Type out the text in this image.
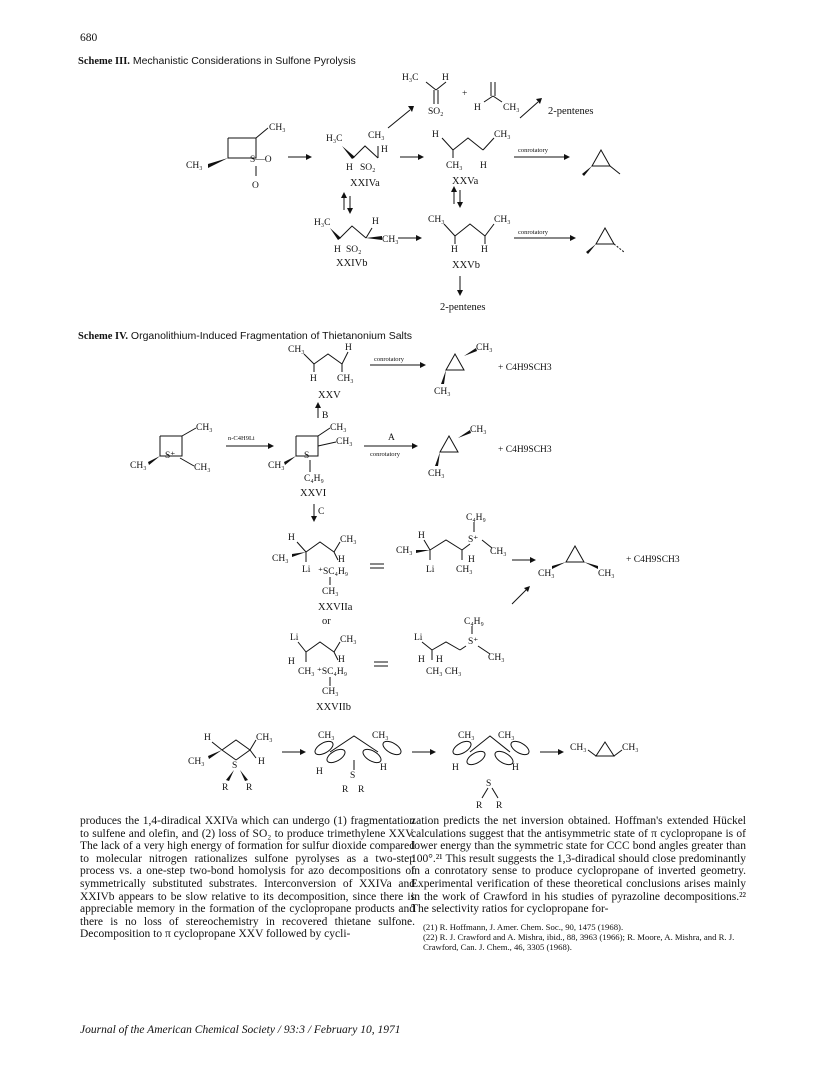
680
Scheme III. Mechanistic Considerations in Sulfone Pyrolysis
CH₃
S—O
O
CH₃
H₃C	CH₃
H
H SO₂
XXIVa
H₃C H
SO₂
+
H CH₃	2-pentenes
H	CH₃
CH₃ H
XXVa
conrotatory
H₃C	H
CH₃
H SO₂
XXIVb
CH₃	CH₃
H H
XXVb
conrotatory
2-pentenes
Scheme IV. Organolithium-Induced Fragmentation of Thietanonium Salts
CH₃	H
H CH₃
XXV
conrotatory
CH₃
CH₃
+ C4H9SCH3
B
CH₃
S⁺
CH₃	CH₃
n-C4H9Li
CH₃
CH₃
S
CH₃
C₄H₉
XXVI
A
conrotatory
CH₃
CH₃
+ C4H9SCH3
C
H	CH₃
CH₃
Li
H
⁺SC₄H₉
CH₃
XXVIIa
or
C₄H₉
S⁺
CH₃
H
CH₃
Li
H
CH₃	CH₃	CH₃
+ C4H9SCH3
Li	CH₃
H	H
CH₃ ⁺SC₄H₉
CH₃
XXVIIb
C₄H₉
S⁺
CH₃
Li
H H
CH₃ CH₃
H	CH₃
CH₃	S H
R R
CH₃	CH₃
H	H
S
R R
CH₃ CH₃
H	H
S
R R
CH₃	CH₃

produces the 1,4-diradical XXIVa which can undergo (1) fragmentation to sulfene and olefin, and (2) loss of SO₂ to produce trimethylene XXV. The lack of a very high energy of formation for sulfur dioxide compared to molecular nitrogen rationalizes sulfone pyrolyses as a two-step process vs. a one-step two-bond homolysis for azo decompositions of symmetrically substituted substrates. Interconversion of XXIVa and XXIVb appears to be slow relative to its decomposition, since there is appreciable memory in the formation of the cyclopropane products and there is no loss of stereochemistry in recovered thietane sulfone. Decomposition to π cyclopropane XXV followed by cycli-

zation predicts the net inversion obtained. Hoffman's extended Hückel calculations suggest that the antisymmetric state of π cyclopropane is of lower energy than the symmetric state for CCC bond angles greater than 100°.²¹ This result suggests the 1,3-diradical should close predominantly in a conrotatory sense to produce cyclopropane of inverted geometry. Experimental verification of these theoretical conclusions arises mainly in the work of Crawford in his studies of pyrazoline decompositions.²² The selectivity ratios for cyclopropane for-

(21) R. Hoffmann, J. Amer. Chem. Soc., 90, 1475 (1968).
(22) R. J. Crawford and A. Mishra, ibid., 88, 3963 (1966); R. Moore, A. Mishra, and R. J. Crawford, Can. J. Chem., 46, 3305 (1968).
Journal of the American Chemical Society / 93:3 / February 10, 1971
